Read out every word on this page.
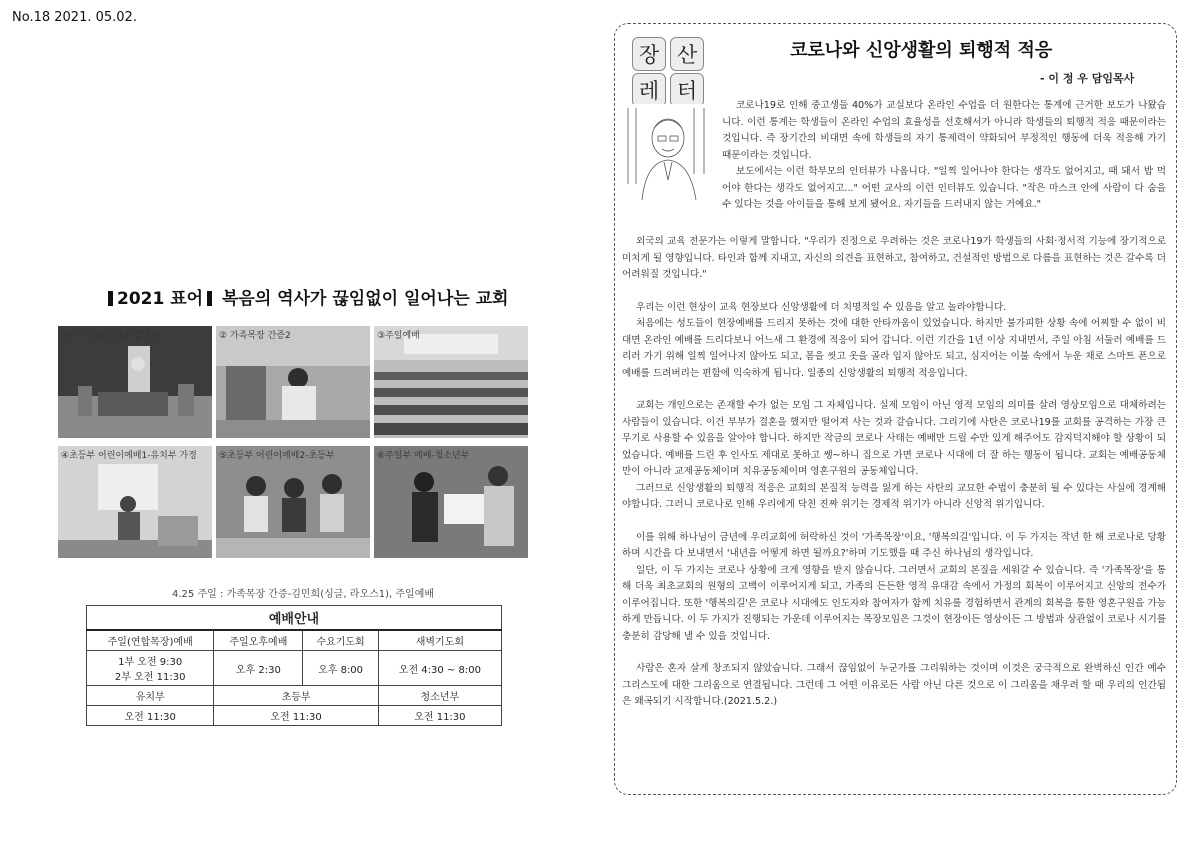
No.18 2021. 05.02.
2021 표어 복음의 역사가 끊임없이 일어나는 교회
①가족목장 간증1-김민희	② 가족목장 간증2	③주일예배
④초등부 어린이예배1-유치부 가정 ⑤초등부 어린이예배2-초등부	⑥주일부 예배-청소년부
4.25 주일 : 가족목장 간증-김민희(싱글, 라오스1), 주일예배
예배안내			
주일(연합목장)예배	주일오후예배	수요기도회	새벽기도회
1부 오전 9:30
2부 오전 11:30	오후 2:30	오후 8:00	오전 4:30 ~ 8:00
유치부	초등부		청소년부
오전 11:30	오전 11:30		오전 11:30
장 산
레 터
코로나와 신앙생활의 퇴행적 적응
- 이 정 우 담임목사

코로나19로 인해 중고생들 40%가 교실보다 온라인 수업을 더 원한다는 통계에 근거한 보도가 나왔습니다. 이런 통계는 학생들이 온라인 수업의 효율성을 선호해서가 아니라 학생들의 퇴행적 적응 때문이라는 것입니다. 즉 장기간의 비대면 속에 학생들의 자기 통제력이 약화되어 부정적인 행동에 더욱 적응해 가기 때문이라는 것입니다.

보도에서는 이런 학부모의 인터뷰가 나옵니다. "일찍 일어나야 한다는 생각도 없어지고, 때 돼서 밥 먹어야 한다는 생각도 없어지고..." 어떤 교사의 이런 인터뷰도 있습니다. "작은 마스크 안에 사람이 다 숨을 수 있다는 것을 아이들을 통해 보게 됐어요. 자기들을 드러내지 않는 거예요."

외국의 교육 전문가는 이렇게 말합니다. "우리가 진정으로 우려하는 것은 코로나19가 학생들의 사회·정서적 기능에 장기적으로 미치게 될 영향입니다. 타인과 함께 지내고, 자신의 의견을 표현하고, 참여하고, 건설적인 방법으로 다름을 표현하는 것은 갈수록 더 어려워질 것입니다."

우리는 이런 현상이 교육 현장보다 신앙생활에 더 치명적일 수 있음을 알고 놀라야합니다.

처음에는 성도들이 현장예배를 드리지 못하는 것에 대한 안타까움이 있었습니다. 하지만 불가피한 상황 속에 어찌할 수 없이 비대면 온라인 예배를 드리다보니 어느새 그 환경에 적응이 되어 갑니다. 이런 기간을 1년 이상 지내면서, 주일 아침 서둘러 예배를 드리러 가기 위해 일찍 일어나지 않아도 되고, 몸을 씻고 옷을 골라 입지 않아도 되고, 심지어는 이불 속에서 누운 채로 스마트 폰으로 예배를 드려버리는 편함에 익숙하게 됩니다. 일종의 신앙생활의 퇴행적 적응입니다.

교회는 개인으로는 존재할 수가 없는 모임 그 자체입니다. 실제 모임이 아닌 영적 모임의 의미를 살려 영상모임으로 대체하려는 사람들이 있습니다. 이건 부부가 결혼을 했지만 떨어져 사는 것과 같습니다. 그리기에 사탄은 코로나19를 교회를 공격하는 가장 큰 무기로 사용할 수 있음을 알아야 합니다. 하지만 작금의 코로나 사태는 예배만 드릴 수만 있게 해주어도 감지덕지해야 할 상황이 되었습니다. 예배를 드린 후 인사도 제대로 못하고 쌩~하니 집으로 가면 코로나 시대에 더 잘 하는 행동이 됩니다. 교회는 예배공동체만이 아니라 교제공동체이며 치유공동체이며 영혼구원의 공동체입니다.

그러므로 신앙생활의 퇴행적 적응은 교회의 본질적 능력을 잃게 하는 사탄의 교묘한 수법이 충분히 될 수 있다는 사실에 경계해야합니다. 그러니 코로나로 인해 우리에게 닥친 진짜 위기는 경제적 위기가 아니라 신앙적 위기입니다.

이를 위해 하나님이 금년에 우리교회에 허락하신 것이 '가족목장'이요, '행복의길'입니다. 이 두 가지는 작년 한 해 코로나로 당황하며 시간을 다 보내면서 '내년을 어떻게 하면 될까요?'하며 기도했을 때 주신 하나님의 생각입니다.

일단, 이 두 가지는 코로나 상황에 크게 영향을 받지 않습니다. 그러면서 교회의 본질을 세워갈 수 있습니다. 즉 '가족목장'을 통해 더욱 최초교회의 원형의 고백이 이루어지게 되고, 가족의 든든한 영적 유대감 속에서 가정의 회복이 이루어지고 신앙의 전수가 이루어집니다. 또한 '행복의길'은 코로나 시대에도 인도자와 참여자가 함께 치유를 경험하면서 관계의 회복을 통한 영혼구원을 가능하게 만듭니다. 이 두 가지가 진행되는 가운데 이루어지는 목장모임은 그것이 현장이든 영상이든 그 방법과 상관없이 코로나 시기를 충분히 감당해 낼 수 있을 것입니다.

사람은 혼자 살게 창조되지 않았습니다. 그래서 끊임없이 누군가를 그리워하는 것이며 이것은 궁극적으로 완벽하신 인간 예수 그리스도에 대한 그리움으로 연결됩니다. 그런데 그 어떤 이유로든 사람 아닌 다른 것으로 이 그리움을 채우려 할 때 우리의 인간됨은 왜곡되기 시작합니다.(2021.5.2.)
